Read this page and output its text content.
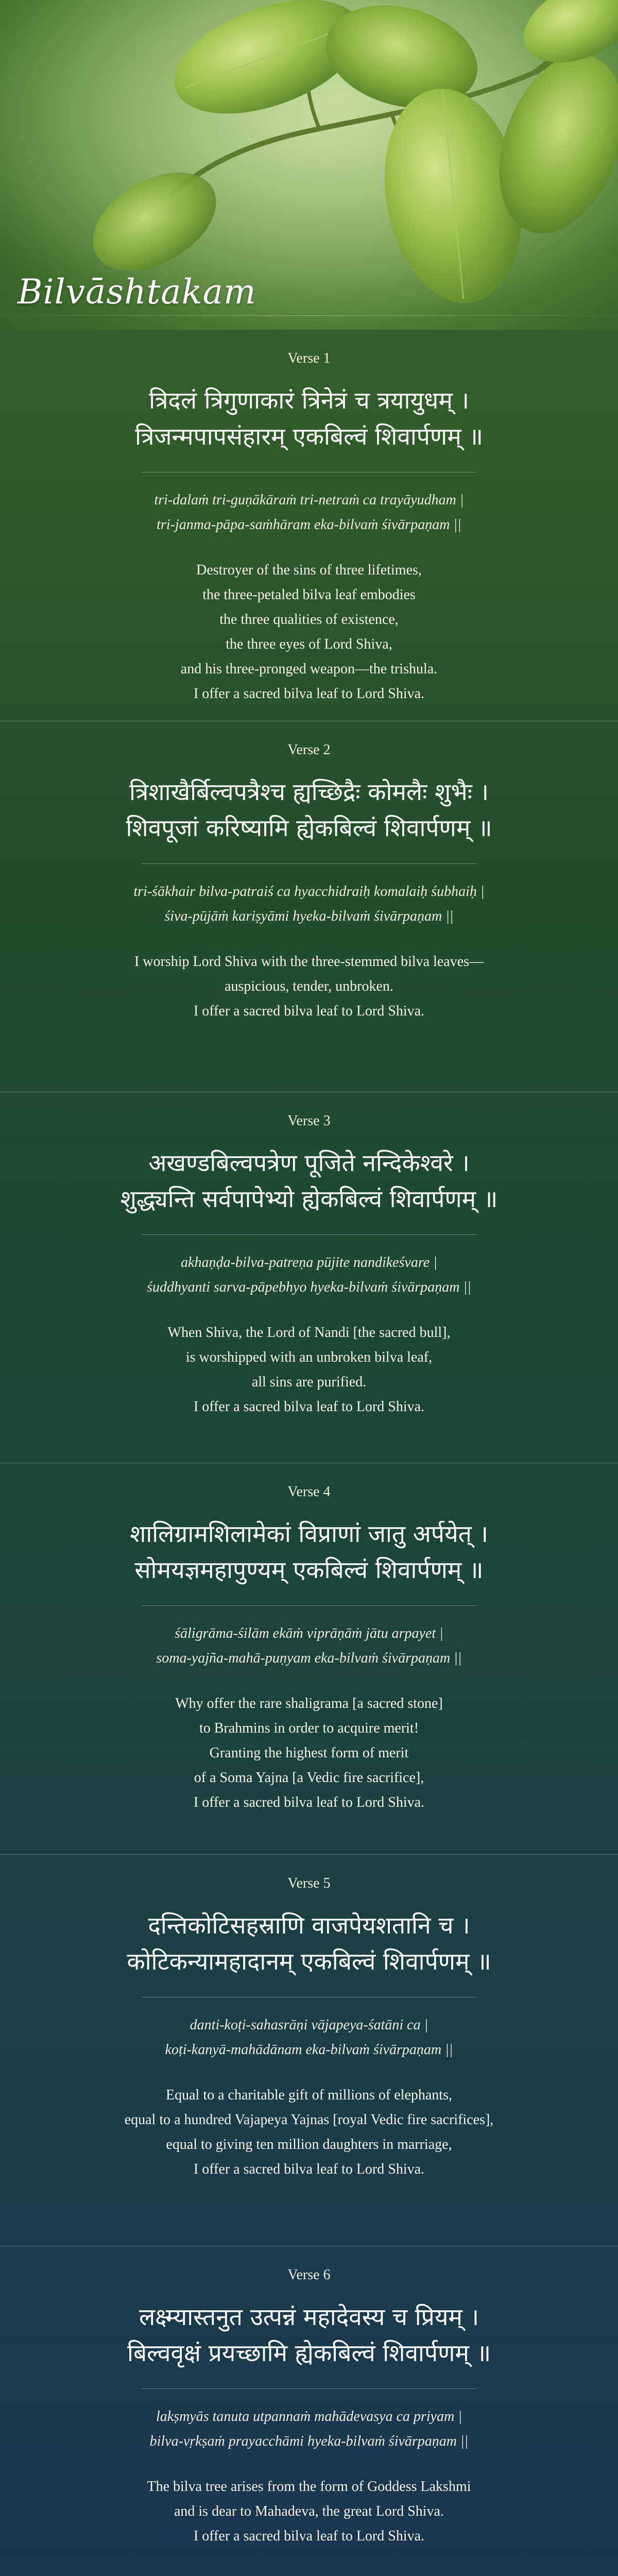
Bilvāshtakam

Verse 1

त्रिदलं त्रिगुणाकारं त्रिनेत्रं च त्रयायुधम् ।
त्रिजन्मपापसंहारम् एकबिल्वं शिवार्पणम् ॥

tri-dalaṁ tri-guṇākāraṁ tri-netraṁ ca trayāyudham |
tri-janma-pāpa-saṁhāram eka-bilvaṁ śivārpaṇam ||

Destroyer of the sins of three lifetimes,
the three-petaled bilva leaf embodies
the three qualities of existence,
the three eyes of Lord Shiva,
and his three-pronged weapon—the trishula.
I offer a sacred bilva leaf to Lord Shiva.

Verse 2

त्रिशाखैर्बिल्वपत्रैश्च ह्यच्छिद्रैः कोमलैः शुभैः ।
शिवपूजां करिष्यामि ह्येकबिल्वं शिवार्पणम् ॥

tri-śākhair bilva-patraiś ca hyacchidraiḥ komalaiḥ śubhaiḥ |
śiva-pūjāṁ kariṣyāmi hyeka-bilvaṁ śivārpaṇam ||

I worship Lord Shiva with the three-stemmed bilva leaves—
auspicious, tender, unbroken.
I offer a sacred bilva leaf to Lord Shiva.

Verse 3

अखण्डबिल्वपत्रेण पूजिते नन्दिकेश्वरे ।
शुद्ध्यन्ति सर्वपापेभ्यो ह्येकबिल्वं शिवार्पणम् ॥

akhaṇḍa-bilva-patreṇa pūjite nandikeśvare |
śuddhyanti sarva-pāpebhyo hyeka-bilvaṁ śivārpaṇam ||

When Shiva, the Lord of Nandi [the sacred bull],
is worshipped with an unbroken bilva leaf,
all sins are purified.
I offer a sacred bilva leaf to Lord Shiva.

Verse 4

शालिग्रामशिलामेकां विप्राणां जातु अर्पयेत् ।
सोमयज्ञमहापुण्यम् एकबिल्वं शिवार्पणम् ॥

śāligrāma-śilām ekāṁ viprāṇāṁ jātu arpayet |
soma-yajña-mahā-puṇyam eka-bilvaṁ śivārpaṇam ||

Why offer the rare shaligrama [a sacred stone]
to Brahmins in order to acquire merit!
Granting the highest form of merit
of a Soma Yajna [a Vedic fire sacrifice],
I offer a sacred bilva leaf to Lord Shiva.

Verse 5

दन्तिकोटिसहस्राणि वाजपेयशतानि च ।
कोटिकन्यामहादानम् एकबिल्वं शिवार्पणम् ॥

danti-koṭi-sahasrāṇi vājapeya-śatāni ca |
koṭi-kanyā-mahādānam eka-bilvaṁ śivārpaṇam ||

Equal to a charitable gift of millions of elephants,
equal to a hundred Vajapeya Yajnas [royal Vedic fire sacrifices],
equal to giving ten million daughters in marriage,
I offer a sacred bilva leaf to Lord Shiva.

Verse 6

लक्ष्म्यास्तनुत उत्पन्नं महादेवस्य च प्रियम् ।
बिल्ववृक्षं प्रयच्छामि ह्येकबिल्वं शिवार्पणम् ॥

lakṣmyās tanuta utpannaṁ mahādevasya ca priyam |
bilva-vṛkṣaṁ prayacchāmi hyeka-bilvaṁ śivārpaṇam ||

The bilva tree arises from the form of Goddess Lakshmi
and is dear to Mahadeva, the great Lord Shiva.
I offer a sacred bilva leaf to Lord Shiva.
